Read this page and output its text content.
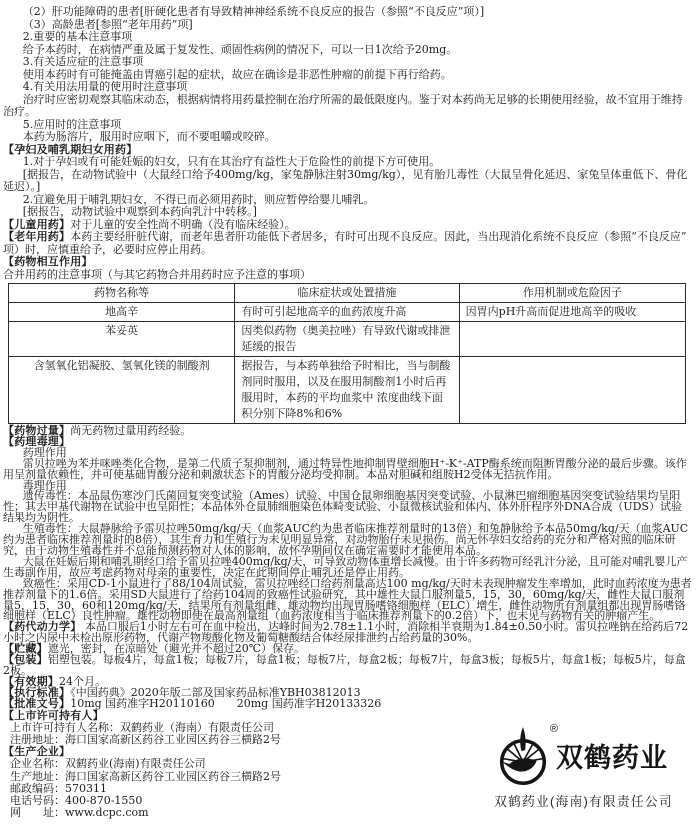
（2）肝功能障碍的患者[肝硬化患者有导致精神神经系统不良反应的报告（参照“不良反应”项）]

（3）高龄患者[参照“老年用药”项]

2.重要的基本注意事项

给予本药时，在病情严重及属于复发性、顽固性病例的情况下，可以一日1次给予20mg。

3.有关适应症的注意事项

使用本药时有可能掩盖由胃癌引起的症状，故应在确诊是非恶性肿瘤的前提下再行给药。

4.有关用法用量的使用时注意事项

治疗时应密切观察其临床动态，根据病情将用药量控制在治疗所需的最低限度内。鉴于对本药尚无足够的长期使用经验，故不宜用于维持治疗。

5.应用时的注意事项

本药为肠溶片，服用时应咽下，而不要咀嚼或咬碎。

【孕妇及哺乳期妇女用药】

1.对于孕妇或有可能妊娠的妇女，只有在其治疗有益性大于危险性的前提下方可使用。

[据报告，在动物试验中（大鼠经口给予400mg/kg，家兔静脉注射30mg/kg），见有胎儿毒性（大鼠呈骨化延迟、家兔呈体重低下、骨化延迟）。]

2.宜避免用于哺乳期妇女，不得已而必须用药时，则应暂停给婴儿哺乳。

[据报告，动物试验中观察到本药向乳汁中转移。]

【儿童用药】对于儿童的安全性尚不明确（没有临床经验）。

【老年用药】本药主要经肝脏代谢，而老年患者肝功能低下者居多，有时可出现不良反应。因此，当出现消化系统不良反应（参照“不良反应”项）时，应慎重给予，必要时应停止用药。

【药物相互作用】

合并用药的注意事项（与其它药物合并用药时应予注意的事项）

药物名称等	临床症状或处置措施	作用机制或危险因子
地高辛	有时可引起地高辛的血药浓度升高	因胃内pH升高而促进地高辛的吸收
苯妥英	因类似药物（奥美拉唑）有导致代谢或排泄延缓的报告	
含氢氧化铝凝胶、氢氧化镁的制酸剂	据报告，与本药单独给予时相比，当与制酸剂同时服用，以及在服用制酸剂1小时后再服用时，本药的平均血浆中 浓度曲线下面积分别下降8%和6%	

【药物过量】尚无药物过量用药经验。

【药理毒理】

药理作用

雷贝拉唑为苯并咪唑类化合物，是第二代质子泵抑制剂，通过特异性地抑制胃壁细胞H⁺-K⁺-ATP酶系统而阻断胃酸分泌的最后步骤。该作用呈剂量依赖性，并可使基础胃酸分泌和刺激状态下的胃酸分泌均受抑制。本品对胆碱和组胺H2受体无拮抗作用。

毒理作用

遗传毒性：本品鼠伤寒沙门氏菌回复突变试验（Ames）试验、中国仓鼠卵细胞基因突变试验、小鼠淋巴瘤细胞基因突变试验结果均呈阳性；其去甲基代谢物在试验中也呈阳性；本品体外仓鼠肺细胞染色体畸变试验、小鼠微核试验和体内、体外肝程序外DNA合成（UDS）试验结果均为阴性。

生殖毒性：大鼠静脉给予雷贝拉唑50mg/kg/天（血浆AUC约为患者临床推荐剂量时的13倍）和兔静脉给予本品50mg/kg/天（血浆AUC约为患者临床推荐剂量时的8倍），其生育力和生殖行为未见明显异常，对动物胎仔未见损伤。尚无怀孕妇女给药的充分和严格对照的临床研究，由于动物生殖毒性并不总能预测药物对人体的影响，故怀孕期间仅在确定需要时才能使用本品。

大鼠在妊娠后期和哺乳期经口给予雷贝拉唑400mg/kg/天，可导致动物体重增长减慢。由于许多药物可经乳汁分泌，且可能对哺乳婴儿产生毒副作用，故应考虑药物对母亲的重要性，决定在此期间停止哺乳还是停止用药。

致癌性：采用CD-1小鼠进行了88/104周试验，雷贝拉唑经口给药剂量高达100 mg/kg/天时未表现肿瘤发生率增加，此时血药浓度为患者推荐剂量下的1.6倍。采用SD大鼠进行了给药104周的致癌性试验研究，其中雄性大鼠口服剂量5，15，30，60mg/kg/天，雌性大鼠口服剂量5，15，30，60和120mg/kg/天，结果所有剂量组雌、雄动物均出现胃肠嗜铬细胞样（ELC）增生，雌性动物所有剂量组都出现胃肠嗜铬细胞样（ELC）良性肿瘤。雄性动物即使在最高剂量组（血药浓度相当于临床推荐剂量下的0.2倍）下，也未见与药物有关的肿瘤产生。

【药代动力学】 本品口服后1小时左右可在血中检出，达峰时间为2.78±1.1小时，消除相半衰期为1.84±0.50小时。雷贝拉唑钠在给药后72小时之内尿中未检出原形药物，代谢产物羧酸化物及葡萄糖酸结合体经尿排泄约占给药量的30%。

【贮藏】遮光，密封，在凉暗处（避光并不超过20℃）保存。

【包装】铝塑包装。每板4片，每盒1板；每板7片，每盒1板；每板7片，每盒2板；每板7片，每盒3板；每板5片，每盒1板；每板5片，每盒2板。

【有效期】24个月。

【执行标准】《中国药典》2020年版二部及国家药品标准YBH03812013

【批准文号】10mg 国药准字H20110160　　20mg 国药准字H20133326

【上市许可持有人】

上市许可持有人名称：双鹤药业（海南）有限责任公司

注册地址：海口国家高新区药谷工业园区药谷三横路2号

【生产企业】

企业名称：双鹤药业(海南)有限责任公司

生产地址：海口国家高新区药谷工业园区药谷三横路2号

邮政编码：570311

电话号码：400-870-1550

网　　址：www.dcpc.com

®
双鹤药业
双鹤药业(海南)有限责任公司
